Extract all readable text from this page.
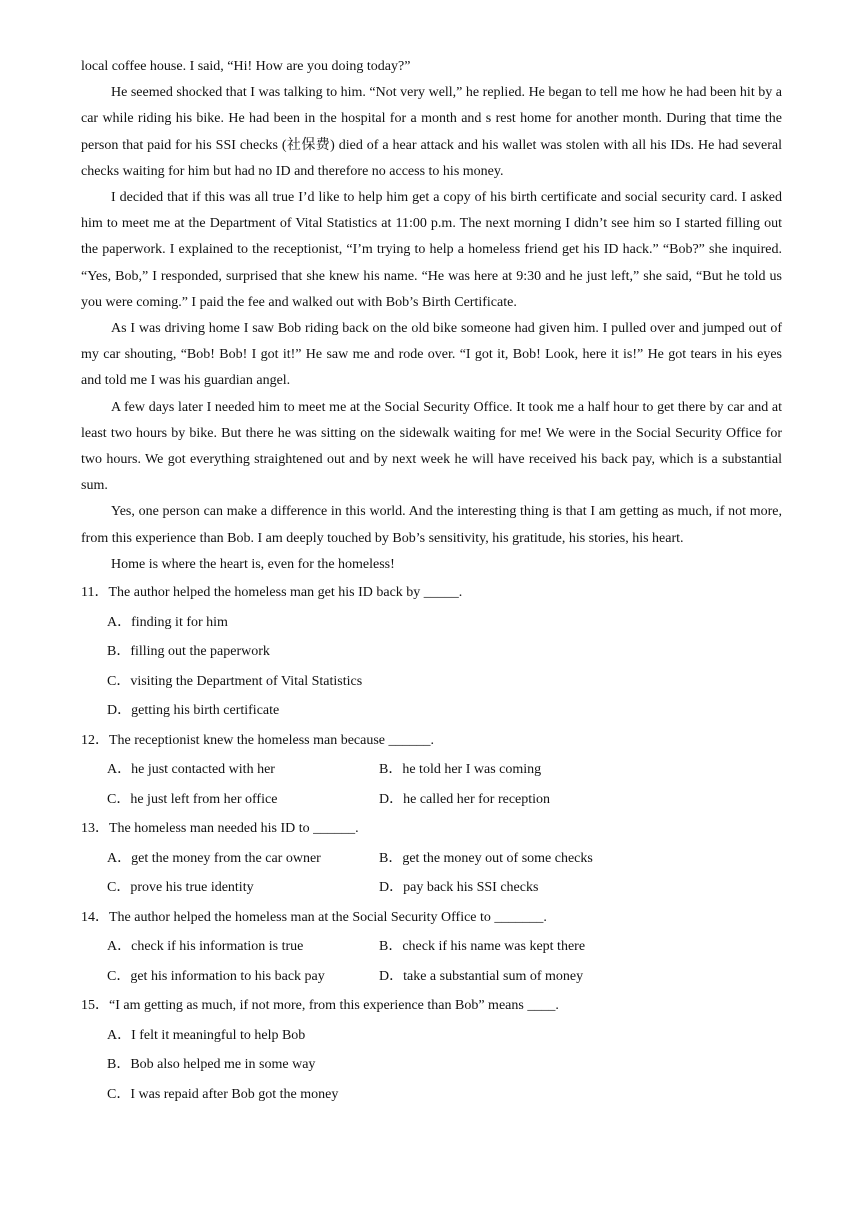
local coffee house. I said, “Hi! How are you doing today?”

He seemed shocked that I was talking to him. “Not very well,” he replied. He began to tell me how he had been hit by a car while riding his bike. He had been in the hospital for a month and s rest home for another month. During that time the person that paid for his SSI checks (社保费) died of a hear attack and his wallet was stolen with all his IDs. He had several checks waiting for him but had no ID and therefore no access to his money.

I decided that if this was all true I’d like to help him get a copy of his birth certificate and social security card. I asked him to meet me at the Department of Vital Statistics at 11:00 p.m. The next morning I didn’t see him so I started filling out the paperwork. I explained to the receptionist, “I’m trying to help a homeless friend get his ID hack.” “Bob?” she inquired. “Yes, Bob,” I responded, surprised that she knew his name. “He was here at 9:30 and he just left,” she said, “But he told us you were coming.” I paid the fee and walked out with Bob’s Birth Certificate.

As I was driving home I saw Bob riding back on the old bike someone had given him. I pulled over and jumped out of my car shouting, “Bob! Bob! I got it!” He saw me and rode over. “I got it, Bob! Look, here it is!” He got tears in his eyes and told me I was his guardian angel.

A few days later I needed him to meet me at the Social Security Office. It took me a half hour to get there by car and at least two hours by bike. But there he was sitting on the sidewalk waiting for me! We were in the Social Security Office for two hours. We got everything straightened out and by next week he will have received his back pay, which is a substantial sum.

Yes, one person can make a difference in this world. And the interesting thing is that I am getting as much, if not more, from this experience than Bob. I am deeply touched by Bob’s sensitivity, his gratitude, his stories, his heart.

Home is where the heart is, even for the homeless!

11．The author helped the homeless man get his ID back by _____.

A．finding it for him

B．filling out the paperwork

C．visiting the Department of Vital Statistics

D．getting his birth certificate

12．The receptionist knew the homeless man because ______.

A．he just contacted with her	B．he told her I was coming
C．he just left from her office	D．he called her for reception

13．The homeless man needed his ID to ______.

A．get the money from the car owner	B．get the money out of some checks
C．prove his true identity	D．pay back his SSI checks

14．The author helped the homeless man at the Social Security Office to _______.

A．check if his information is true	B．check if his name was kept there
C．get his information to his back pay	D．take a substantial sum of money

15．“I am getting as much, if not more, from this experience than Bob” means ____.

A．I felt it meaningful to help Bob

B．Bob also helped me in some way

C．I was repaid after Bob got the money
